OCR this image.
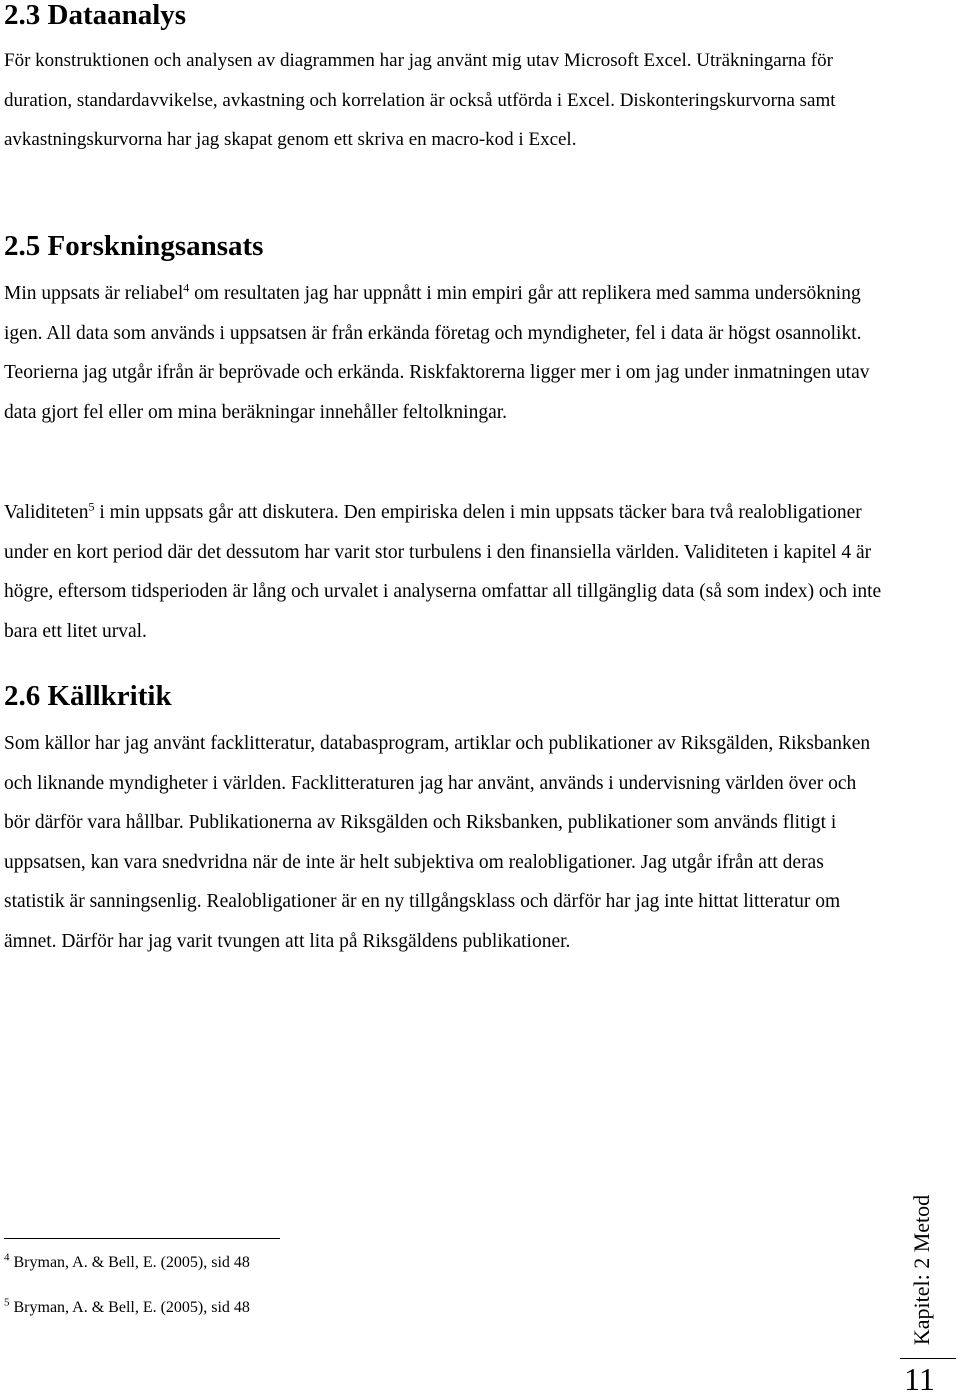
2.3 Dataanalys

För konstruktionen och analysen av diagrammen har jag använt mig utav Microsoft Excel. Uträkningarna för duration, standardavvikelse, avkastning och korrelation är också utförda i Excel. Diskonteringskurvorna samt avkastningskurvorna har jag skapat genom ett skriva en macro-kod i Excel.

2.5 Forskningsansats

Min uppsats är reliabel$^4$ om resultaten jag har uppnått i min empiri går att replikera med samma undersökning igen. All data som används i uppsatsen är från erkända företag och myndigheter, fel i data är högst osannolikt. Teorierna jag utgår ifrån är beprövade och erkända. Riskfaktorerna ligger mer i om jag under inmatningen utav data gjort fel eller om mina beräkningar innehåller feltolkningar.

Validiteten$^5$ i min uppsats går att diskutera. Den empiriska delen i min uppsats täcker bara två realobligationer under en kort period där det dessutom har varit stor turbulens i den finansiella världen. Validiteten i kapitel 4 är högre, eftersom tidsperioden är lång och urvalet i analyserna omfattar all tillgänglig data (så som index) och inte bara ett litet urval.

2.6 Källkritik

Som källor har jag använt facklitteratur, databasprogram, artiklar och publikationer av Riksgälden, Riksbanken och liknande myndigheter i världen. Facklitteraturen jag har använt, används i undervisning världen över och bör därför vara hållbar. Publikationerna av Riksgälden och Riksbanken, publikationer som används flitigt i uppsatsen, kan vara snedvridna när de inte är helt subjektiva om realobligationer. Jag utgår ifrån att deras statistik är sanningsenlig. Realobligationer är en ny tillgångsklass och därför har jag inte hittat litteratur om ämnet. Därför har jag varit tvungen att lita på Riksgäldens publikationer.

$^4$ Bryman, A. & Bell, E. (2005), sid 48

$^5$ Bryman, A. & Bell, E. (2005), sid 48	Kapitel: 2 Metod

11
